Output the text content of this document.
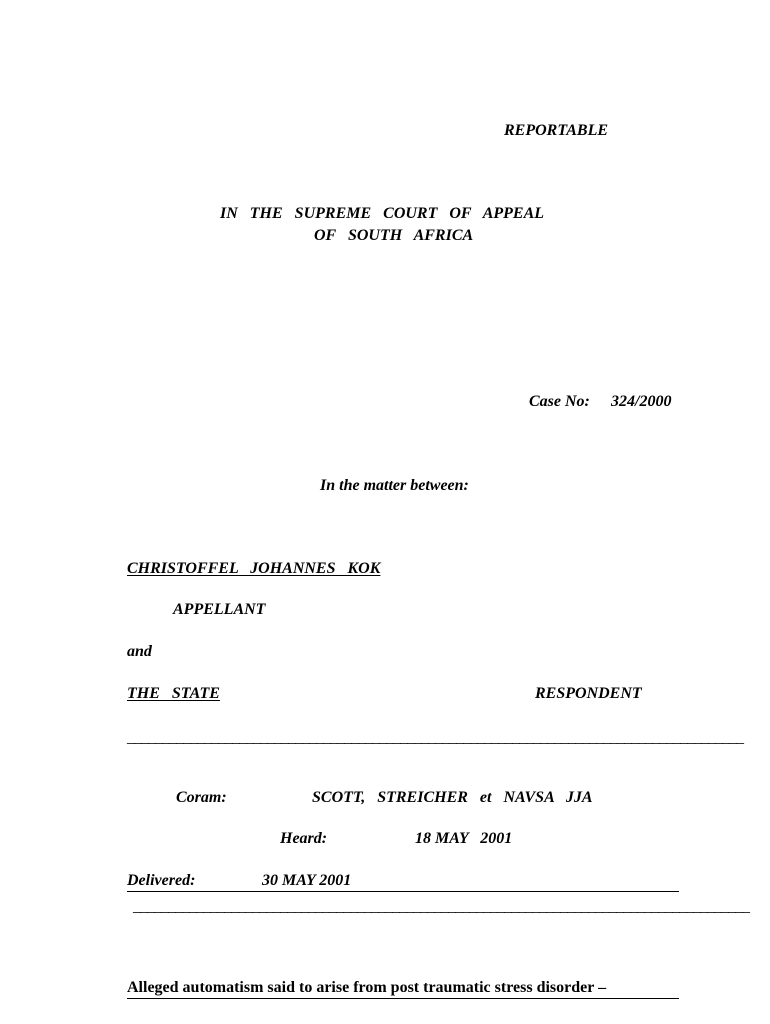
REPORTABLE
IN   THE   SUPREME   COURT   OF   APPEAL
OF   SOUTH   AFRICA
Case No: 324/2000
In the matter between:
CHRISTOFFEL   JOHANNES   KOK
APPELLANT
and
THE   STATE	RESPONDENT
________________________________________________________________________________________
Coram:	SCOTT,   STREICHER   et   NAVSA   JJA
Heard:	18 MAY   2001
Delivered:	30 MAY 2001
________________________________________________________________________________________
Alleged automatism said to arise from post traumatic stress disorder –
